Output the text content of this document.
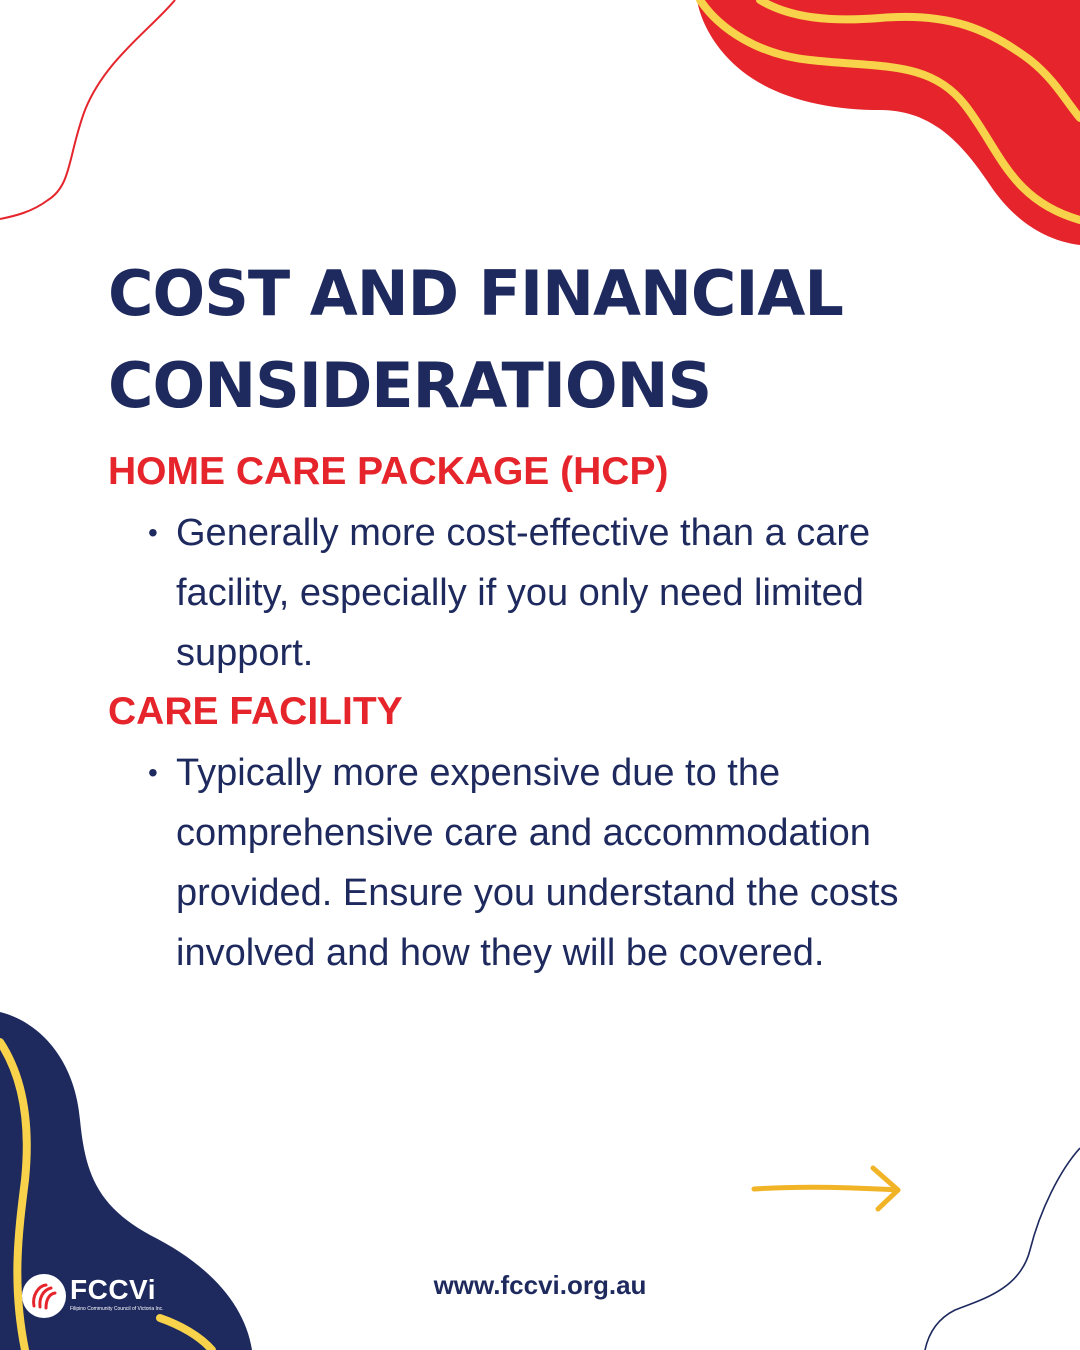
COST AND FINANCIAL
CONSIDERATIONS
HOME CARE PACKAGE (HCP)
• Generally more cost-effective than a care
facility, especially if you only need limited
support.
CARE FACILITY
• Typically more expensive due to the
comprehensive care and accommodation
provided. Ensure you understand the costs
involved and how they will be covered.
FCCVi
Filipino Community Council of Victoria Inc.
www.fccvi.org.au
